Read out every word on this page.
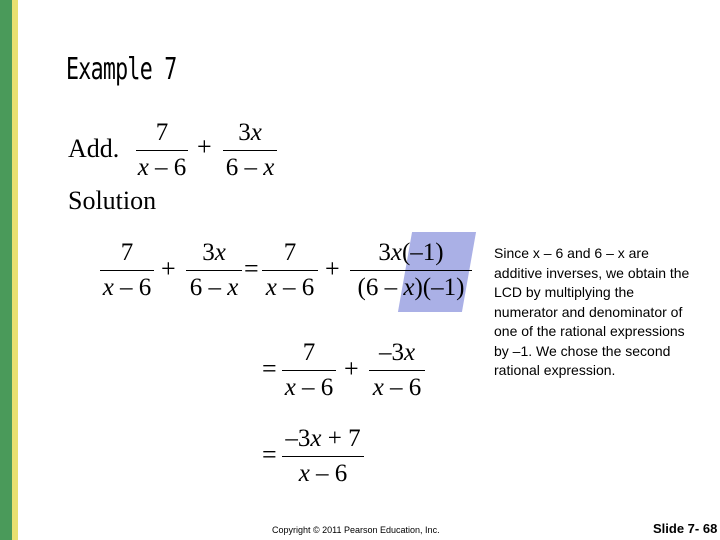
Example 7
Add.
7
x – 6
+	3x
6 – x
Solution
7
x – 6
+
3x
6 – x
=
7
x – 6
+
3x(–1)
(6 – x)(–1)
=
7
x – 6
+
–3x
x – 6
=
–3x + 7
x – 6
Since x – 6 and 6 – x are additive inverses, we obtain the LCD by multiplying the numerator and denominator of one of the rational expressions by –1. We chose the second rational expression.
Copyright © 2011 Pearson Education, Inc.	Slide 7- 68
